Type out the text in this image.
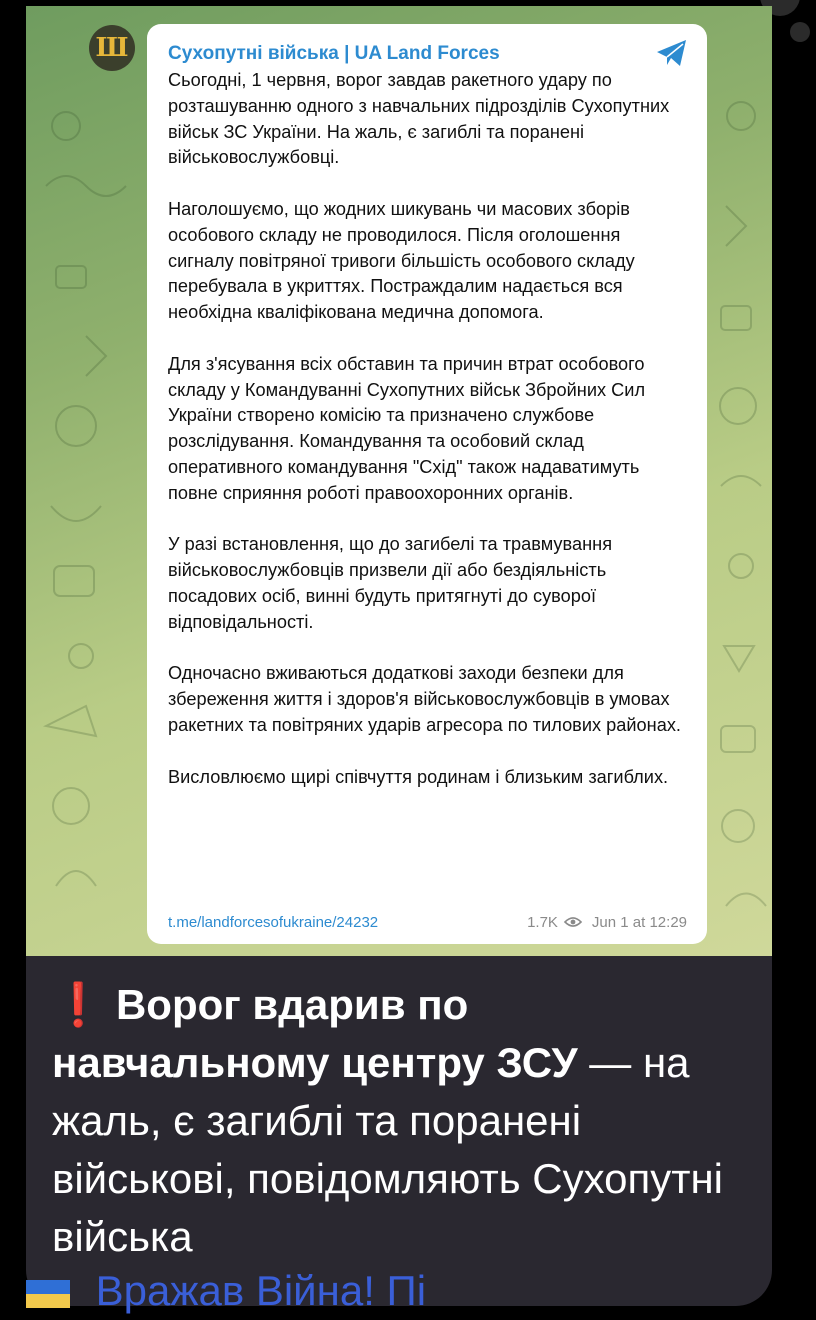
Ш Сухопутні війська | UA Land Forces

Сьогодні, 1 червня, ворог завдав ракетного удару по розташуванню одного з навчальних підрозділів Сухопутних військ ЗС України. На жаль, є загиблі та поранені військовослужбовці.

Наголошуємо, що жодних шикувань чи масових зборів особового складу не проводилося. Після оголошення сигналу повітряної тривоги більшість особового складу перебувала в укриттях. Постраждалим надається вся необхідна кваліфікована медична допомога.

Для з'ясування всіх обставин та причин втрат особового складу у Командуванні Сухопутних військ Збройних Сил України створено комісію та призначено службове розслідування. Командування та особовий склад оперативного командування "Схід" також надаватимуть повне сприяння роботі правоохоронних органів.

У разі встановлення, що до загибелі та травмування військовослужбовців призвели дії або бездіяльність посадових осіб, винні будуть притягнуті до суворої відповідальності.

Одночасно вживаються додаткові заходи безпеки для збереження життя і здоров'я військовослужбовців в умовах ракетних та повітряних ударів агресора по тилових районах.

Висловлюємо щирі співчуття родинам і близьким загиблих.

t.me/landforcesofukraine/24232	1.7K Jun 1 at 12:29
❗ Ворог вдарив по навчальному центру ЗСУ — на жаль, є загиблі та поранені військові, повідомляють Сухопутні війська
Вражав Війна! Пі
